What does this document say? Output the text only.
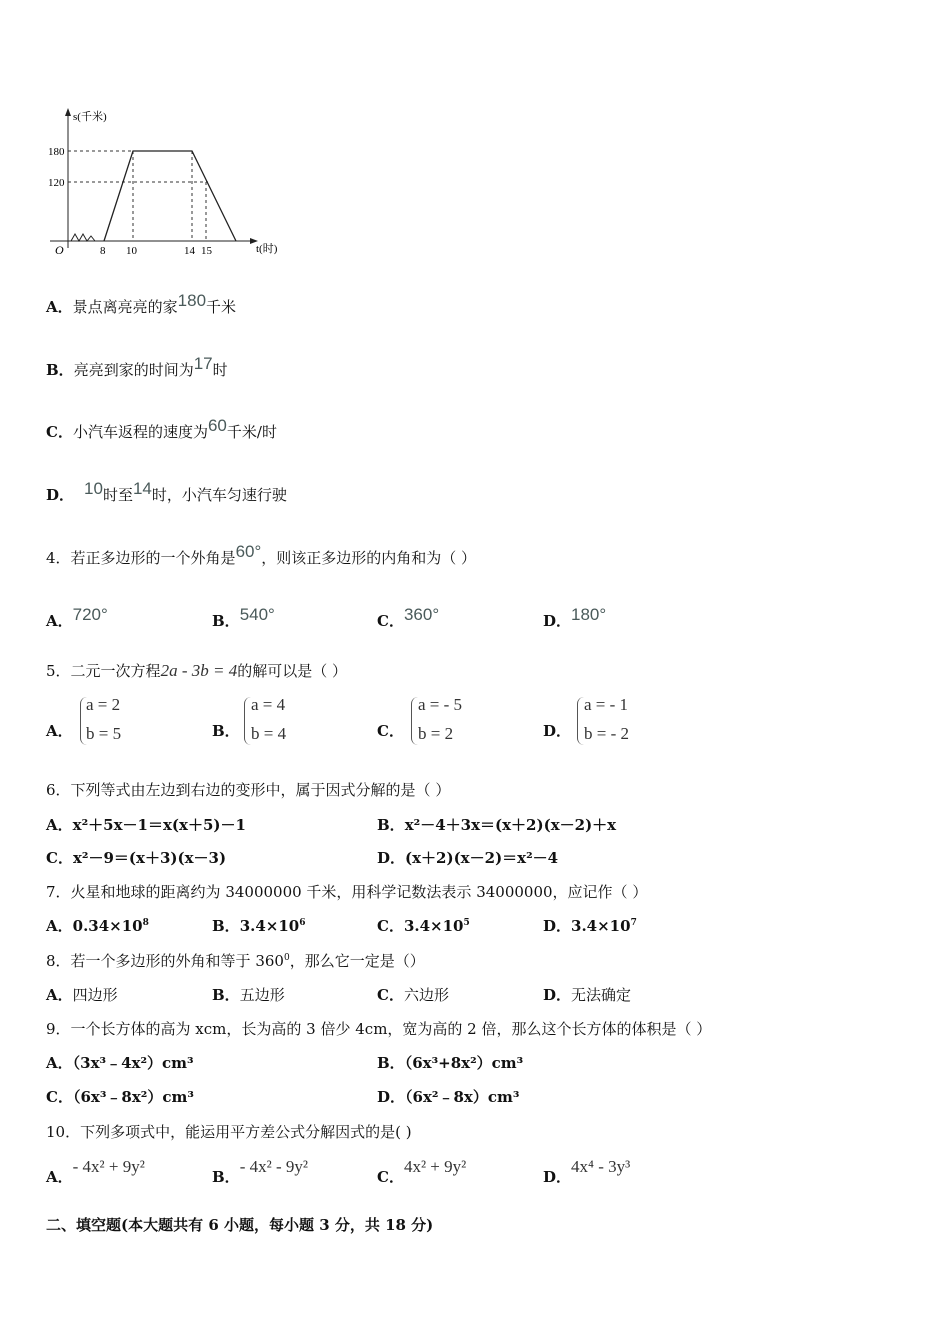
s(千米)
t(时)
O
180
120
8 10	14 15
A．景点离亮亮的家180千米
B．亮亮到家的时间为17时
C．小汽车返程的速度为60千米/时
D． 10时至14时，小汽车匀速行驶
4．若正多边形的一个外角是60°，则该正多边形的内角和为（ ）
A．720°	B．540°	C．360°	D．180°
5．二元一次方程2a - 3b = 4的解可以是（ ）
A．
a = 2
b = 5	B．
a = 4
b = 4	C．
a = - 5
b = 2	D．
a = - 1
b = - 2
6．下列等式由左边到右边的变形中，属于因式分解的是（ ）
A．x²＋5x－1＝x(x＋5)－1	B．x²－4＋3x＝(x＋2)(x－2)＋x
C．x²－9＝(x＋3)(x－3)	D．(x＋2)(x－2)＝x²－4
7．火星和地球的距离约为 34000000 千米，用科学记数法表示 34000000，应记作（ ）
A．$0.34\times 10^8$	B．$3.4\times 10^6$	C．$3.4\times 10^5$	D．$3.4\times 10^7$
8．若一个多边形的外角和等于 $360^0$，那么它一定是（）
A．四边形	B．五边形	C．六边形	D．无法确定
9．一个长方体的高为 xcm，长为高的 3 倍少 4cm，宽为高的 2 倍，那么这个长方体的体积是（ ）
A．（3x³﹣4x²）cm³	B．（6x³+8x²）cm³
C．（6x³﹣8x²）cm³	D．（6x²﹣8x）cm³
10．下列多项式中，能运用平方差公式分解因式的是( )
A．- 4x² + 9y²
B．- 4x² - 9y²
C．4x² + 9y²
D．4x⁴ - 3y³
二、填空题(本大题共有 6 小题，每小题 3 分，共 18 分)
